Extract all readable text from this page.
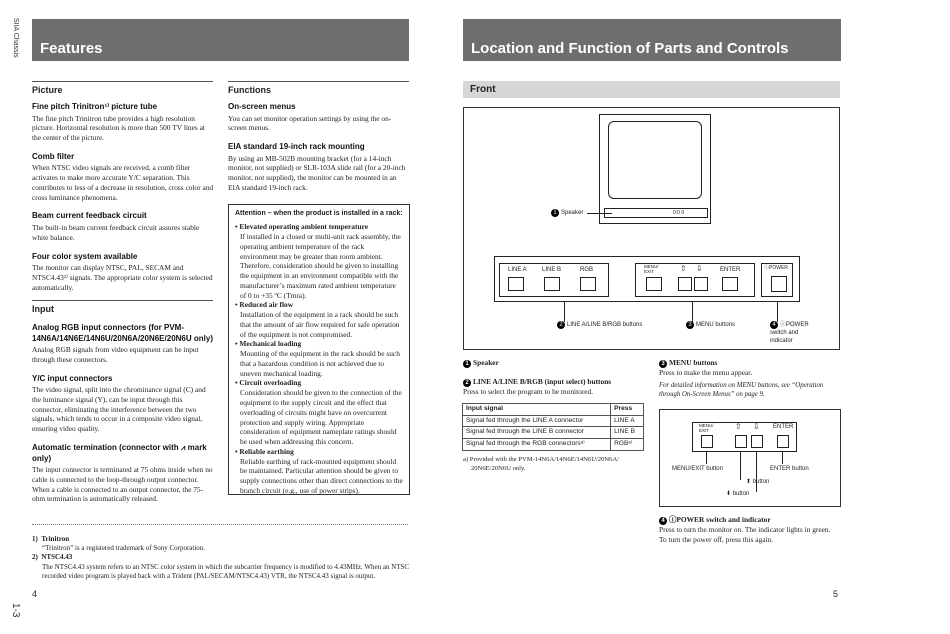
SIIA Chassis
1-3
Features
Picture
Fine pitch Trinitron¹⁾ picture tube
The fine pitch Trinitron tube provides a high resolution picture. Horizontal resolution is more than 500 TV lines at the center of the picture.
Comb filter
When NTSC video signals are received, a comb filter activates to make more accurate Y/C separation. This contributes to less of a decrease in resolution, cross color and cross luminance phenomena.
Beam current feedback circuit
The built-in beam current feedback circuit assures stable white balance.
Four color system available
The monitor can display NTSC, PAL, SECAM and NTSC4.43²⁾ signals. The appropriate color system is selected automatically.
Input
Analog RGB input connectors (for PVM-14N6A/14N6E/14N6U/20N6A/20N6E/20N6U only)
Analog RGB signals from video equipment can be input through these connectors.
Y/C input connectors
The video signal, split into the chrominance signal (C) and the luminance signal (Y), can be input through this connector, eliminating the interference between the two signals, which tends to occur in a composite video signal, ensuring video quality.
Automatic termination (connector with ⩘ mark only)
The input connector is terminated at 75 ohms inside when no cable is connected to the loop-through output connector. When a cable is connected to an output connector, the 75-ohm termination is automatically released.
Functions
On-screen menus
You can set monitor operation settings by using the on-screen menus.
EIA standard 19-inch rack mounting
By using an MB-502B mounting bracket (for a 14-inch monitor, not supplied) or SLR-103A slide rail (for a 20-inch monitor, not supplied), the monitor can be mounted in an EIA standard 19-inch rack.
Attention – when the product is installed in a rack:
• Elevated operating ambient temperature
If installed in a closed or multi-unit rack assembly, the operating ambient temperature of the rack environment may be greater than room ambient. Therefore, consideration should be given to installing the equipment in an environment compatible with the manufacturer’s maximum rated ambient temperature of 0 to +35 ºC (Tmra).
• Reduced air flow
Installation of the equipment in a rack should be such that the amount of air flow required for safe operation of the equipment is not compromised.
• Mechanical loading
Mounting of the equipment in the rack should be such that a hazardous condition is not achieved due to uneven mechanical loading.
• Circuit overloading
Consideration should be given to the connection of the equipment to the supply circuit and the effect that overloading of circuits might have on overcurrent protection and supply wiring. Appropriate consideration of equipment nameplate ratings should be used when addressing this concern.
• Reliable earthing
Reliable earthing of rack-mounted equipment should be maintained. Particular attention should be given to supply connections other than direct connections to the branch circuit (e.g., use of power strips).
1) Trinitron
“Trinitron” is a registered trademark of Sony Corporation.
2) NTSC4.43
The NTSC4.43 system refers to an NTSC color system in which the subcarrier frequency is modified to 4.43MHz. When an NTSC recorded video program is played back with a Trident (PAL/SECAM/NTSC4.43) VTR, the NTSC4.43 signal is output.
4
Location and Function of Parts and Controls
Front
0:0 0
1 Speaker
LINE A	LINE B	RGB
MENU/ EXIT	⇧ ⇩	ENTER	ⓘPOWER
2 LINE A/LINE B/RGB buttons	3 MENU buttons	4 ⓘPOWER switch and indicator
1 Speaker
2 LINE A/LINE B/RGB (input select) buttons
Press to select the program to be monitored.
Input signal	Press
Signal fed through the LINE A connector	LINE A
Signal fed through the LINE B connector	LINE B
Signal fed through the RGB connectorsᵃ⁾	RGBᵃ⁾
a) Provided with the PVM-14N6A/14N6E/14N6U/20N6A/ 20N6E/20N6U only.
3 MENU buttons
Press to make the menu appear.
For detailed information on MENU buttons, see “Operation through On-Screen Menus” on page 9.
MENU/ EXIT	⇧ ⇩ ENTER
MENU/EXIT button	ENTER button
⬆ button
⬇ button
4 ⓘPOWER switch and indicator
Press to turn the monitor on. The indicator lights in green.
To turn the power off, press this again.
5
